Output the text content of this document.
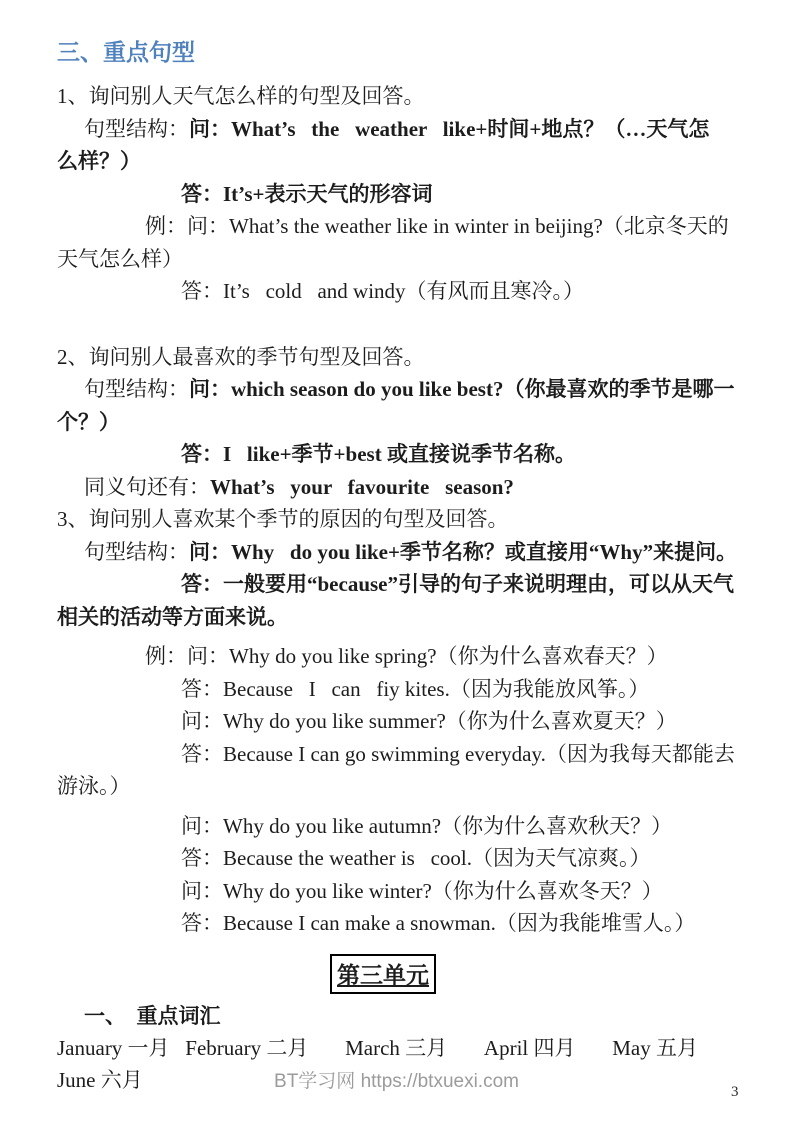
三、重点句型
1、询问别人天气怎么样的句型及回答。
句型结构：问：What’s   the   weather   like+时间+地点？（…天气怎
么样？）
答：It’s+表示天气的形容词
例：问：What’s the weather like in winter in beijing?（北京冬天的
天气怎么样）
答：It’s   cold   and windy（有风而且寒冷。）
2、询问别人最喜欢的季节句型及回答。
句型结构：问：which season do you like best?（你最喜欢的季节是哪一
个？）
答：I   like+季节+best 或直接说季节名称。
同义句还有：What’s   your   favourite   season?
3、询问别人喜欢某个季节的原因的句型及回答。
句型结构：问：Why   do you like+季节名称？或直接用“Why”来提问。
答：一般要用“because”引导的句子来说明理由，可以从天气
相关的活动等方面来说。
例：问：Why do you like spring?（你为什么喜欢春天？）
答：Because   I   can   fiy kites.（因为我能放风筝。）
问：Why do you like summer?（你为什么喜欢夏天？）
答：Because I can go swimming everyday.（因为我每天都能去
游泳。）
问：Why do you like autumn?（你为什么喜欢秋天？）
答：Because the weather is   cool.（因为天气凉爽。）
问：Why do you like winter?（你为什么喜欢冬天？）
答：Because I can make a snowman.（因为我能堆雪人。）
第三单元
一、　重点词汇
January 一月   February 二月       March 三月       April 四月       May 五月
June 六月	BT学习网 https://btxuexi.com	3
